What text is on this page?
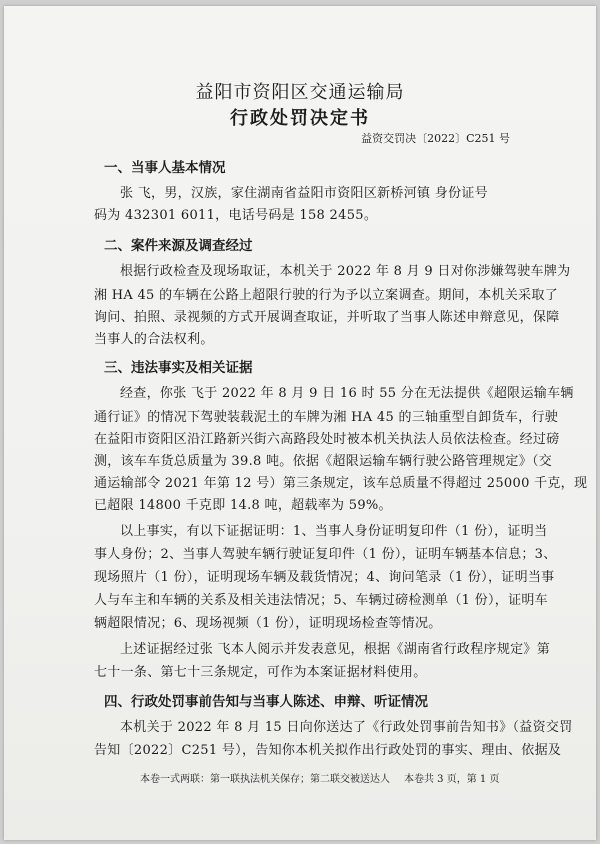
益阳市资阳区交通运输局
行政处罚决定书
益资交罚决〔2022〕C251 号
一、当事人基本情况
张 飞，男，汉族，家住湖南省益阳市资阳区新桥河镇 身份证号
码为 432301 6011，电话号码是 158 2455。
二、案件来源及调查经过
根据行政检查及现场取证，本机关于 2022 年 8 月 9 日对你涉嫌驾驶车牌为
湘 HA 45 的车辆在公路上超限行驶的行为予以立案调查。期间，本机关采取了
询问、拍照、录视频的方式开展调查取证，并听取了当事人陈述申辩意见，保障
当事人的合法权利。
三、违法事实及相关证据
经查，你张 飞于 2022 年 8 月 9 日 16 时 55 分在无法提供《超限运输车辆
通行证》的情况下驾驶装载泥土的车牌为湘 HA 45 的三轴重型自卸货车，行驶
在益阳市资阳区沿江路新兴街六高路段处时被本机关执法人员依法检查。经过磅
测，该车车货总质量为 39.8 吨。依据《超限运输车辆行驶公路管理规定》（交
通运输部令 2021 年第 12 号）第三条规定，该车总质量不得超过 25000 千克，现
已超限 14800 千克即 14.8 吨，超载率为 59%。
以上事实，有以下证据证明：1、当事人身份证明复印件（1 份），证明当
事人身份；2、当事人驾驶车辆行驶证复印件（1 份），证明车辆基本信息；3、
现场照片（1 份），证明现场车辆及载货情况；4、询问笔录（1 份），证明当事
人与车主和车辆的关系及相关违法情况；5、车辆过磅检测单（1 份），证明车
辆超限情况；6、现场视频（1 份），证明现场检查等情况。
上述证据经过张 飞本人阅示并发表意见，根据《湖南省行政程序规定》第
七十一条、第七十三条规定，可作为本案证据材料使用。
四、行政处罚事前告知与当事人陈述、申辩、听证情况
本机关于 2022 年 8 月 15 日向你送达了《行政处罚事前告知书》（益资交罚
告知〔2022〕C251 号），告知你本机关拟作出行政处罚的事实、理由、依据及
本卷一式两联：第一联执法机关保存；第二联交被送达人 本卷共 3 页，第 1 页
